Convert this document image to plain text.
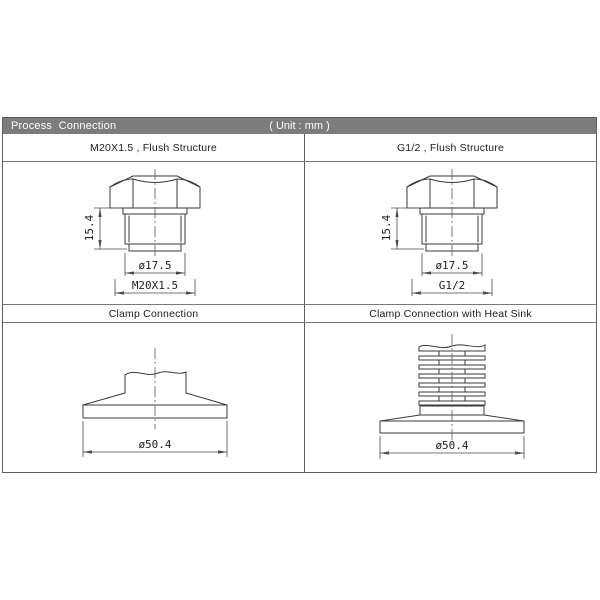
Process  Connection	( Unit : mm )
M20X1.5 , Flush Structure	G1/2 , Flush Structure
15.4
ø17.5
M20X1.5
15.4
ø17.5
G1/2
Clamp Connection	Clamp Connection with Heat Sink
ø50.4	ø50.4
